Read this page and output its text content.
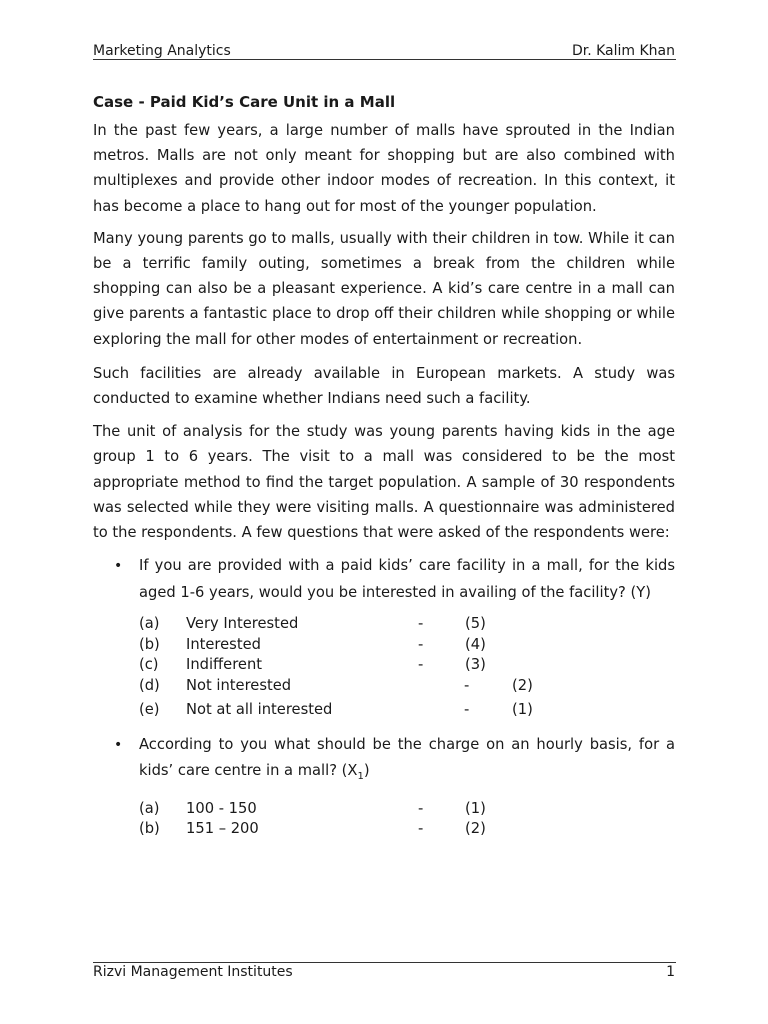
Marketing Analytics	Dr. Kalim Khan

Case - Paid Kid’s Care Unit in a Mall

In the past few years, a large number of malls have sprouted in the Indian metros. Malls are not only meant for shopping but are also combined with multiplexes and provide other indoor modes of recreation. In this context, it has become a place to hang out for most of the younger population.

Many young parents go to malls, usually with their children in tow. While it can be a terrific family outing, sometimes a break from the children while shopping can also be a pleasant experience. A kid’s care centre in a mall can give parents a fantastic place to drop off their children while shopping or while exploring the mall for other modes of entertainment or recreation.

Such facilities are already available in European markets. A study was conducted to examine whether Indians need such a facility.

The unit of analysis for the study was young parents having kids in the age group 1 to 6 years. The visit to a mall was considered to be the most appropriate method to find the target population. A sample of 30 respondents was selected while they were visiting malls. A questionnaire was administered to the respondents. A few questions that were asked of the respondents were:

• If you are provided with a paid kids’ care facility in a mall, for the kids aged 1-6 years, would you be interested in availing of the facility? (Y)

(a) Very Interested	-	(5)
(b) Interested	-	(4)
(c) Indifferent	-	(3)
(d) Not interested	-	(2)
(e) Not at all interested	-	(1)
• According to you what should be the charge on an hourly basis, for a kids’ care centre in a mall? $(X_1)$

(a) 100 - 150	-	(1)
(b) 151 – 200	-	(2)
Rizvi Management Institutes	1
